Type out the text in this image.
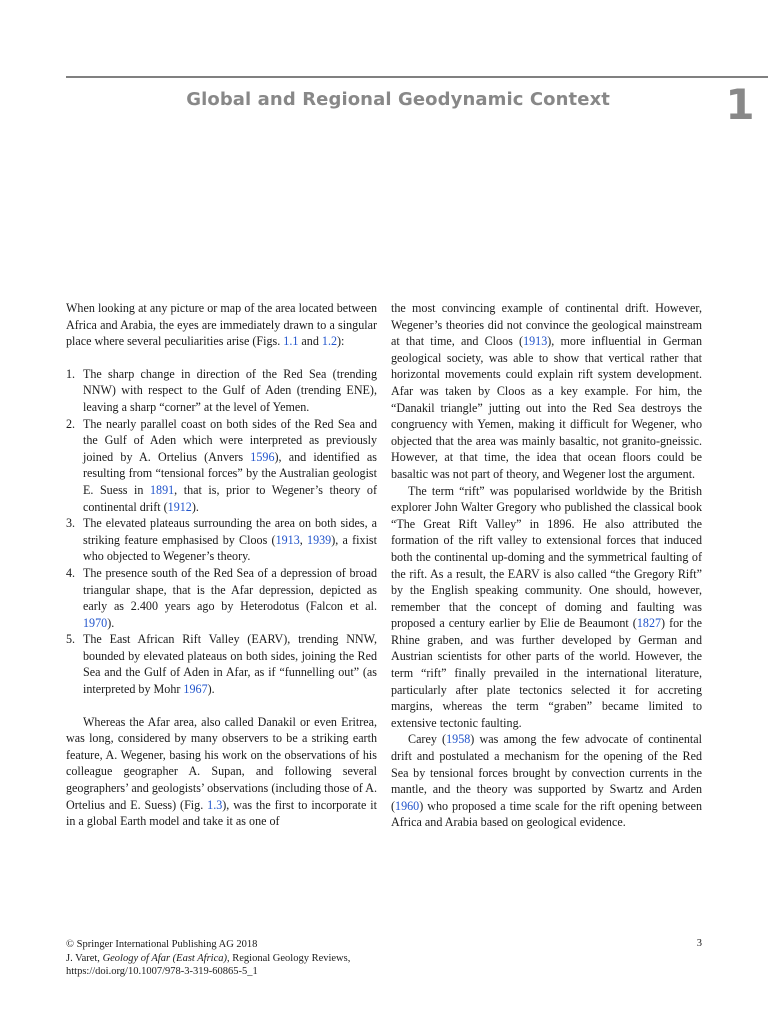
Global and Regional Geodynamic Context	1

When looking at any picture or map of the area located between Africa and Arabia, the eyes are immediately drawn to a singular place where several peculiarities arise (Figs. 1.1 and 1.2):

1. The sharp change in direction of the Red Sea (trending NNW) with respect to the Gulf of Aden (trending ENE), leaving a sharp “corner” at the level of Yemen.
2. The nearly parallel coast on both sides of the Red Sea and the Gulf of Aden which were interpreted as previously joined by A. Ortelius (Anvers 1596), and identified as resulting from “tensional forces” by the Australian geologist E. Suess in 1891, that is, prior to Wegener’s theory of continental drift (1912).
3. The elevated plateaus surrounding the area on both sides, a striking feature emphasised by Cloos (1913, 1939), a fixist who objected to Wegener’s theory.
4. The presence south of the Red Sea of a depression of broad triangular shape, that is the Afar depression, depicted as early as 2.400 years ago by Heterodotus (Falcon et al. 1970).
5. The East African Rift Valley (EARV), trending NNW, bounded by elevated plateaus on both sides, joining the Red Sea and the Gulf of Aden in Afar, as if “funnelling out” (as interpreted by Mohr 1967).

Whereas the Afar area, also called Danakil or even Eritrea, was long, considered by many observers to be a striking earth feature, A. Wegener, basing his work on the observations of his colleague geographer A. Supan, and following several geographers’ and geologists’ observations (including those of A. Ortelius and E. Suess) (Fig. 1.3), was the first to incorporate it in a global Earth model and take it as one of

the most convincing example of continental drift. However, Wegener’s theories did not convince the geological mainstream at that time, and Cloos (1913), more influential in German geological society, was able to show that vertical rather that horizontal movements could explain rift system development. Afar was taken by Cloos as a key example. For him, the “Danakil triangle” jutting out into the Red Sea destroys the congruency with Yemen, making it difficult for Wegener, who objected that the area was mainly basaltic, not granito-gneissic. However, at that time, the idea that ocean floors could be basaltic was not part of theory, and Wegener lost the argument.

The term “rift” was popularised worldwide by the British explorer John Walter Gregory who published the classical book “The Great Rift Valley” in 1896. He also attributed the formation of the rift valley to extensional forces that induced both the continental up-doming and the symmetrical faulting of the rift. As a result, the EARV is also called “the Gregory Rift” by the English speaking community. One should, however, remember that the concept of doming and faulting was proposed a century earlier by Elie de Beaumont (1827) for the Rhine graben, and was further developed by German and Austrian scientists for other parts of the world. However, the term “rift” finally prevailed in the international literature, particularly after plate tectonics selected it for accreting margins, whereas the term “graben” became limited to extensive tectonic faulting.

Carey (1958) was among the few advocate of continental drift and postulated a mechanism for the opening of the Red Sea by tensional forces brought by convection currents in the mantle, and the theory was supported by Swartz and Arden (1960) who proposed a time scale for the rift opening between Africa and Arabia based on geological evidence.

© Springer International Publishing AG 2018
J. Varet, Geology of Afar (East Africa), Regional Geology Reviews,
https://doi.org/10.1007/978-3-319-60865-5_1
3
